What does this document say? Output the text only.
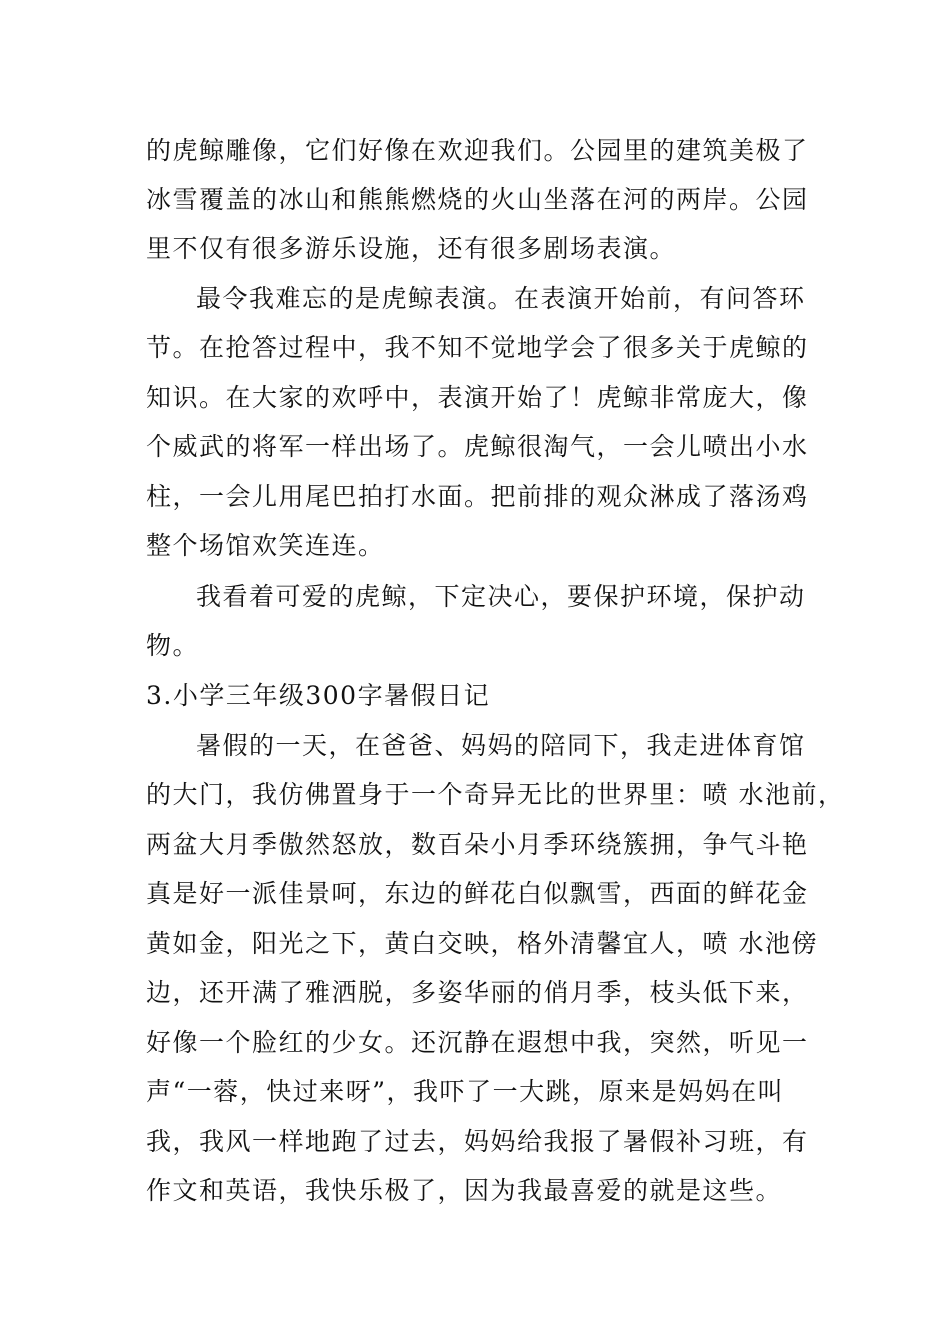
的虎鲸雕像，它们好像在欢迎我们。公园里的建筑美极了
冰雪覆盖的冰山和熊熊燃烧的火山坐落在河的两岸。公园
里不仅有很多游乐设施，还有很多剧场表演。
最令我难忘的是虎鲸表演。在表演开始前，有问答环
节。在抢答过程中，我不知不觉地学会了很多关于虎鲸的
知识。在大家的欢呼中，表演开始了！虎鲸非常庞大，像
个威武的将军一样出场了。虎鲸很淘气，一会儿喷出小水
柱，一会儿用尾巴拍打水面。把前排的观众淋成了落汤鸡
整个场馆欢笑连连。
我看着可爱的虎鲸，下定决心，要保护环境，保护动
物。
3.小学三年级300字暑假日记
暑假的一天，在爸爸、妈妈的陪同下，我走进体育馆
的大门，我仿佛置身于一个奇异无比的世界里：喷 水池前，
两盆大月季傲然怒放，数百朵小月季环绕簇拥，争气斗艳
真是好一派佳景呵，东边的鲜花白似飘雪，西面的鲜花金
黄如金，阳光之下，黄白交映，格外清馨宜人，喷 水池傍
边，还开满了雅洒脱，多姿华丽的俏月季，枝头低下来，
好像一个脸红的少女。还沉静在遐想中我，突然，听见一
声“一蓉，快过来呀”，我吓了一大跳，原来是妈妈在叫
我，我风一样地跑了过去，妈妈给我报了暑假补习班，有
作文和英语，我快乐极了，因为我最喜爱的就是这些。
